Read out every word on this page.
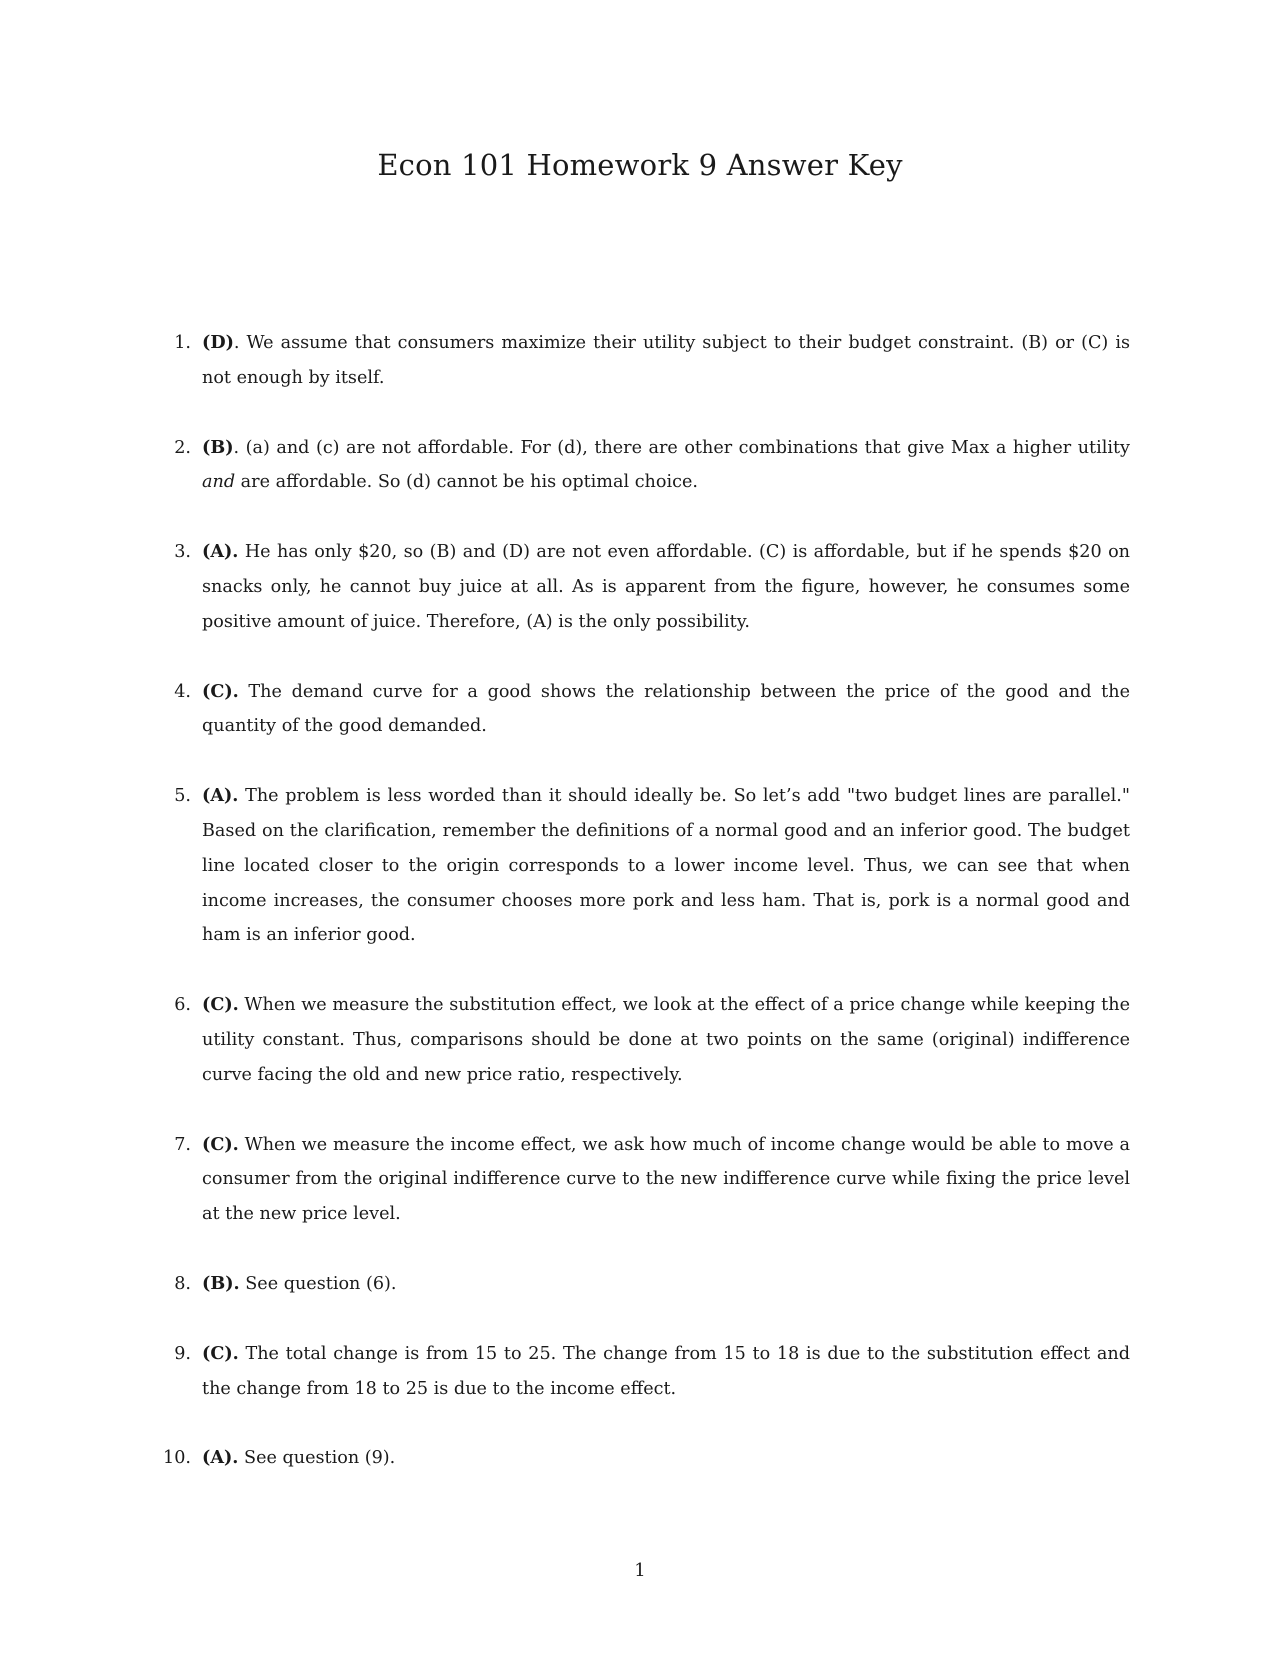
Econ 101 Homework 9 Answer Key
1. (D). We assume that consumers maximize their utility subject to their budget constraint. (B) or (C) is not enough by itself.
2. (B). (a) and (c) are not affordable. For (d), there are other combinations that give Max a higher utility and are affordable. So (d) cannot be his optimal choice.
3. (A). He has only $20, so (B) and (D) are not even affordable. (C) is affordable, but if he spends $20 on snacks only, he cannot buy juice at all. As is apparent from the figure, however, he consumes some positive amount of juice. Therefore, (A) is the only possibility.
4. (C). The demand curve for a good shows the relationship between the price of the good and the quantity of the good demanded.
5. (A). The problem is less worded than it should ideally be. So let’s add "two budget lines are parallel." Based on the clarification, remember the definitions of a normal good and an inferior good. The budget line located closer to the origin corresponds to a lower income level. Thus, we can see that when income increases, the consumer chooses more pork and less ham. That is, pork is a normal good and ham is an inferior good.
6. (C). When we measure the substitution effect, we look at the effect of a price change while keeping the utility constant. Thus, comparisons should be done at two points on the same (original) indifference curve facing the old and new price ratio, respectively.
7. (C). When we measure the income effect, we ask how much of income change would be able to move a consumer from the original indifference curve to the new indifference curve while fixing the price level at the new price level.
8. (B). See question (6).
9. (C). The total change is from 15 to 25. The change from 15 to 18 is due to the substitution effect and the change from 18 to 25 is due to the income effect.
10. (A). See question (9).
1
